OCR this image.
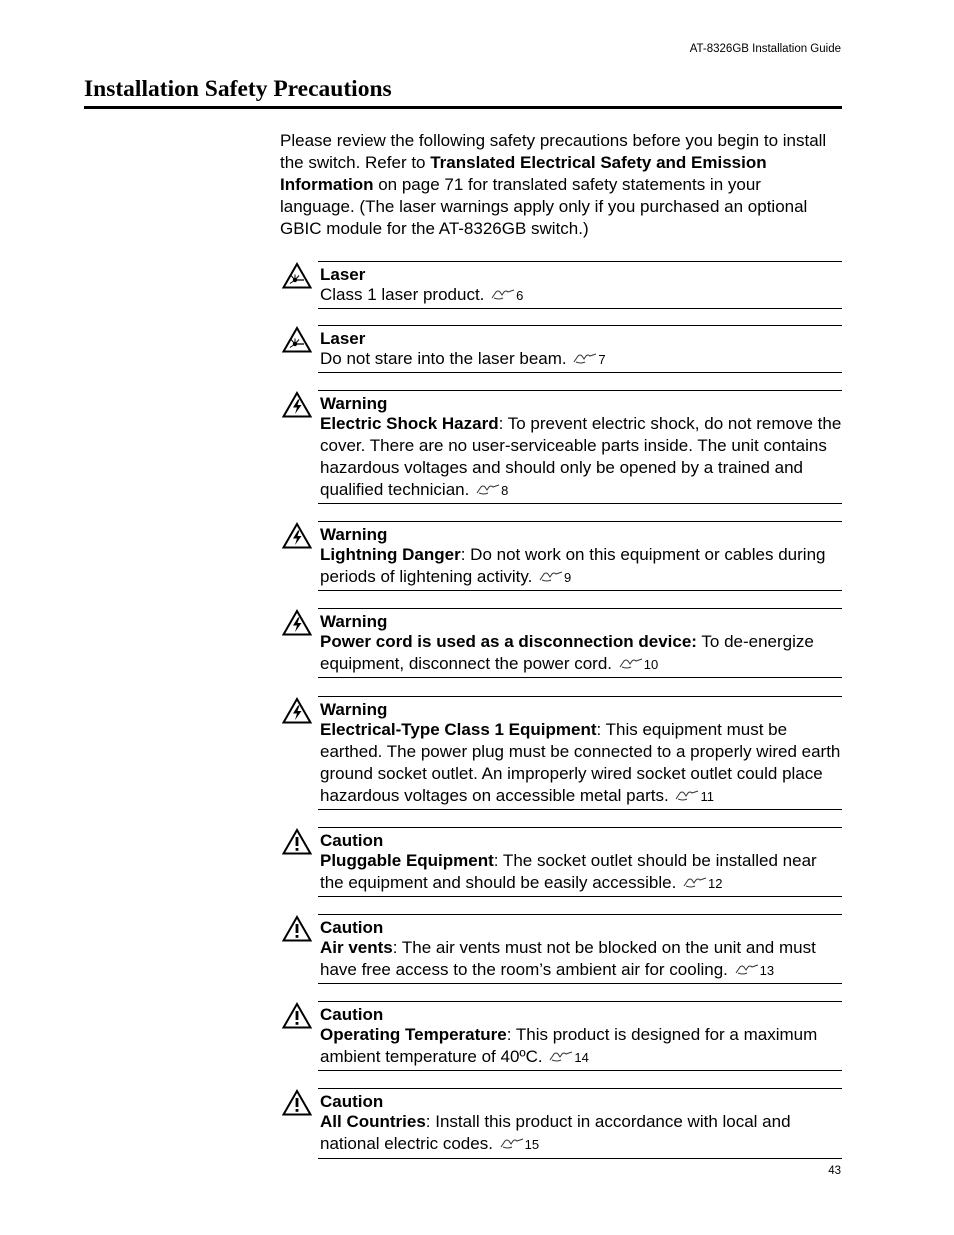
AT-8326GB Installation Guide
Installation Safety Precautions

Please review the following safety precautions before you begin to install the switch. Refer to Translated Electrical Safety and Emission Information on page 71 for translated safety statements in your language. (The laser warnings apply only if you purchased an optional GBIC module for the AT-8326GB switch.)

Laser
Class 1 laser product. 6
Laser
Do not stare into the laser beam. 7
Warning
Electric Shock Hazard: To prevent electric shock, do not remove the cover. There are no user-serviceable parts inside. The unit contains hazardous voltages and should only be opened by a trained and qualified technician. 8
Warning
Lightning Danger: Do not work on this equipment or cables during periods of lightening activity. 9
Warning
Power cord is used as a disconnection device: To de-energize equipment, disconnect the power cord. 10
Warning
Electrical-Type Class 1 Equipment: This equipment must be earthed. The power plug must be connected to a properly wired earth ground socket outlet. An improperly wired socket outlet could place hazardous voltages on accessible metal parts. 11
Caution
Pluggable Equipment: The socket outlet should be installed near the equipment and should be easily accessible. 12
Caution
Air vents: The air vents must not be blocked on the unit and must have free access to the room’s ambient air for cooling. 13
Caution
Operating Temperature: This product is designed for a maximum ambient temperature of 40ºC. 14
Caution
All Countries: Install this product in accordance with local and national electric codes. 15
43
